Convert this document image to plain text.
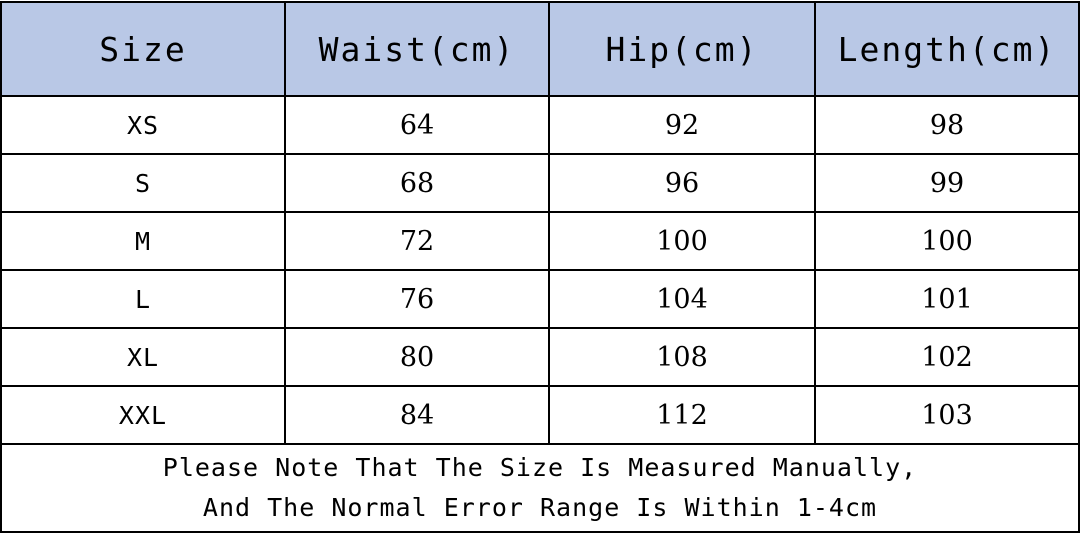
Size	Waist(cm)	Hip(cm)	Length(cm)
XS	64	92	98
S	68	96	99
M	72	100	100
L	76	104	101
XL	80	108	102
XXL	84	112	103

Please Note That The Size Is Measured Manually,
And The Normal Error Range Is Within 1-4cm			
